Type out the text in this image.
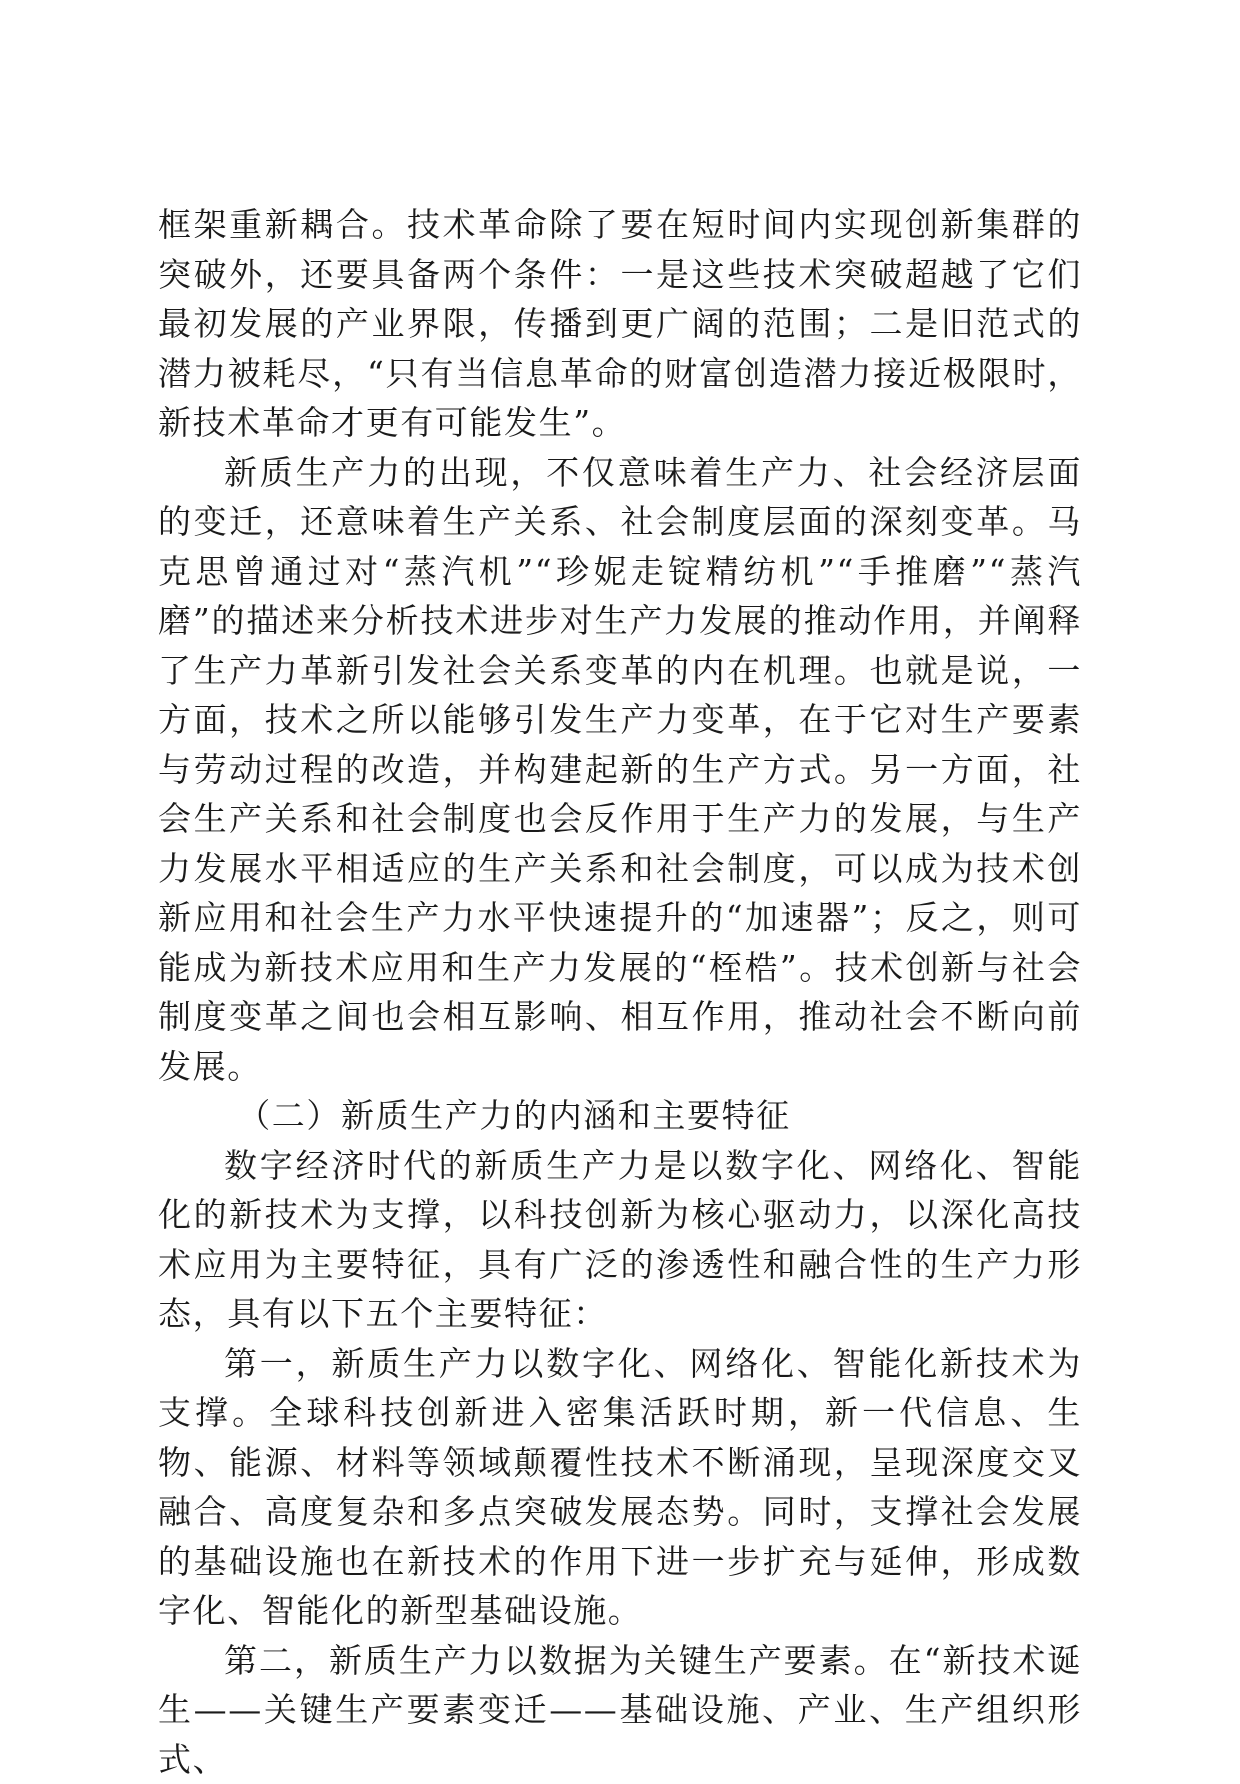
框架重新耦合。技术革命除了要在短时间内实现创新集群的突破外，还要具备两个条件：一是这些技术突破超越了它们最初发展的产业界限，传播到更广阔的范围；二是旧范式的潜力被耗尽，“只有当信息革命的财富创造潜力接近极限时，新技术革命才更有可能发生”。

新质生产力的出现，不仅意味着生产力、社会经济层面的变迁，还意味着生产关系、社会制度层面的深刻变革。马克思曾通过对“蒸汽机”“珍妮走锭精纺机”“手推磨”“蒸汽磨”的描述来分析技术进步对生产力发展的推动作用，并阐释了生产力革新引发社会关系变革的内在机理。也就是说，一方面，技术之所以能够引发生产力变革，在于它对生产要素与劳动过程的改造，并构建起新的生产方式。另一方面，社会生产关系和社会制度也会反作用于生产力的发展，与生产力发展水平相适应的生产关系和社会制度，可以成为技术创新应用和社会生产力水平快速提升的“加速器”；反之，则可能成为新技术应用和生产力发展的“桎梏”。技术创新与社会制度变革之间也会相互影响、相互作用，推动社会不断向前发展。

（二）新质生产力的内涵和主要特征

数字经济时代的新质生产力是以数字化、网络化、智能化的新技术为支撑，以科技创新为核心驱动力，以深化高技术应用为主要特征，具有广泛的渗透性和融合性的生产力形态，具有以下五个主要特征：

第一，新质生产力以数字化、网络化、智能化新技术为支撑。全球科技创新进入密集活跃时期，新一代信息、生物、能源、材料等领域颠覆性技术不断涌现，呈现深度交叉融合、高度复杂和多点突破发展态势。同时，支撑社会发展的基础设施也在新技术的作用下进一步扩充与延伸，形成数字化、智能化的新型基础设施。

第二，新质生产力以数据为关键生产要素。在“新技术诞生——关键生产要素变迁——基础设施、产业、生产组织形式、
